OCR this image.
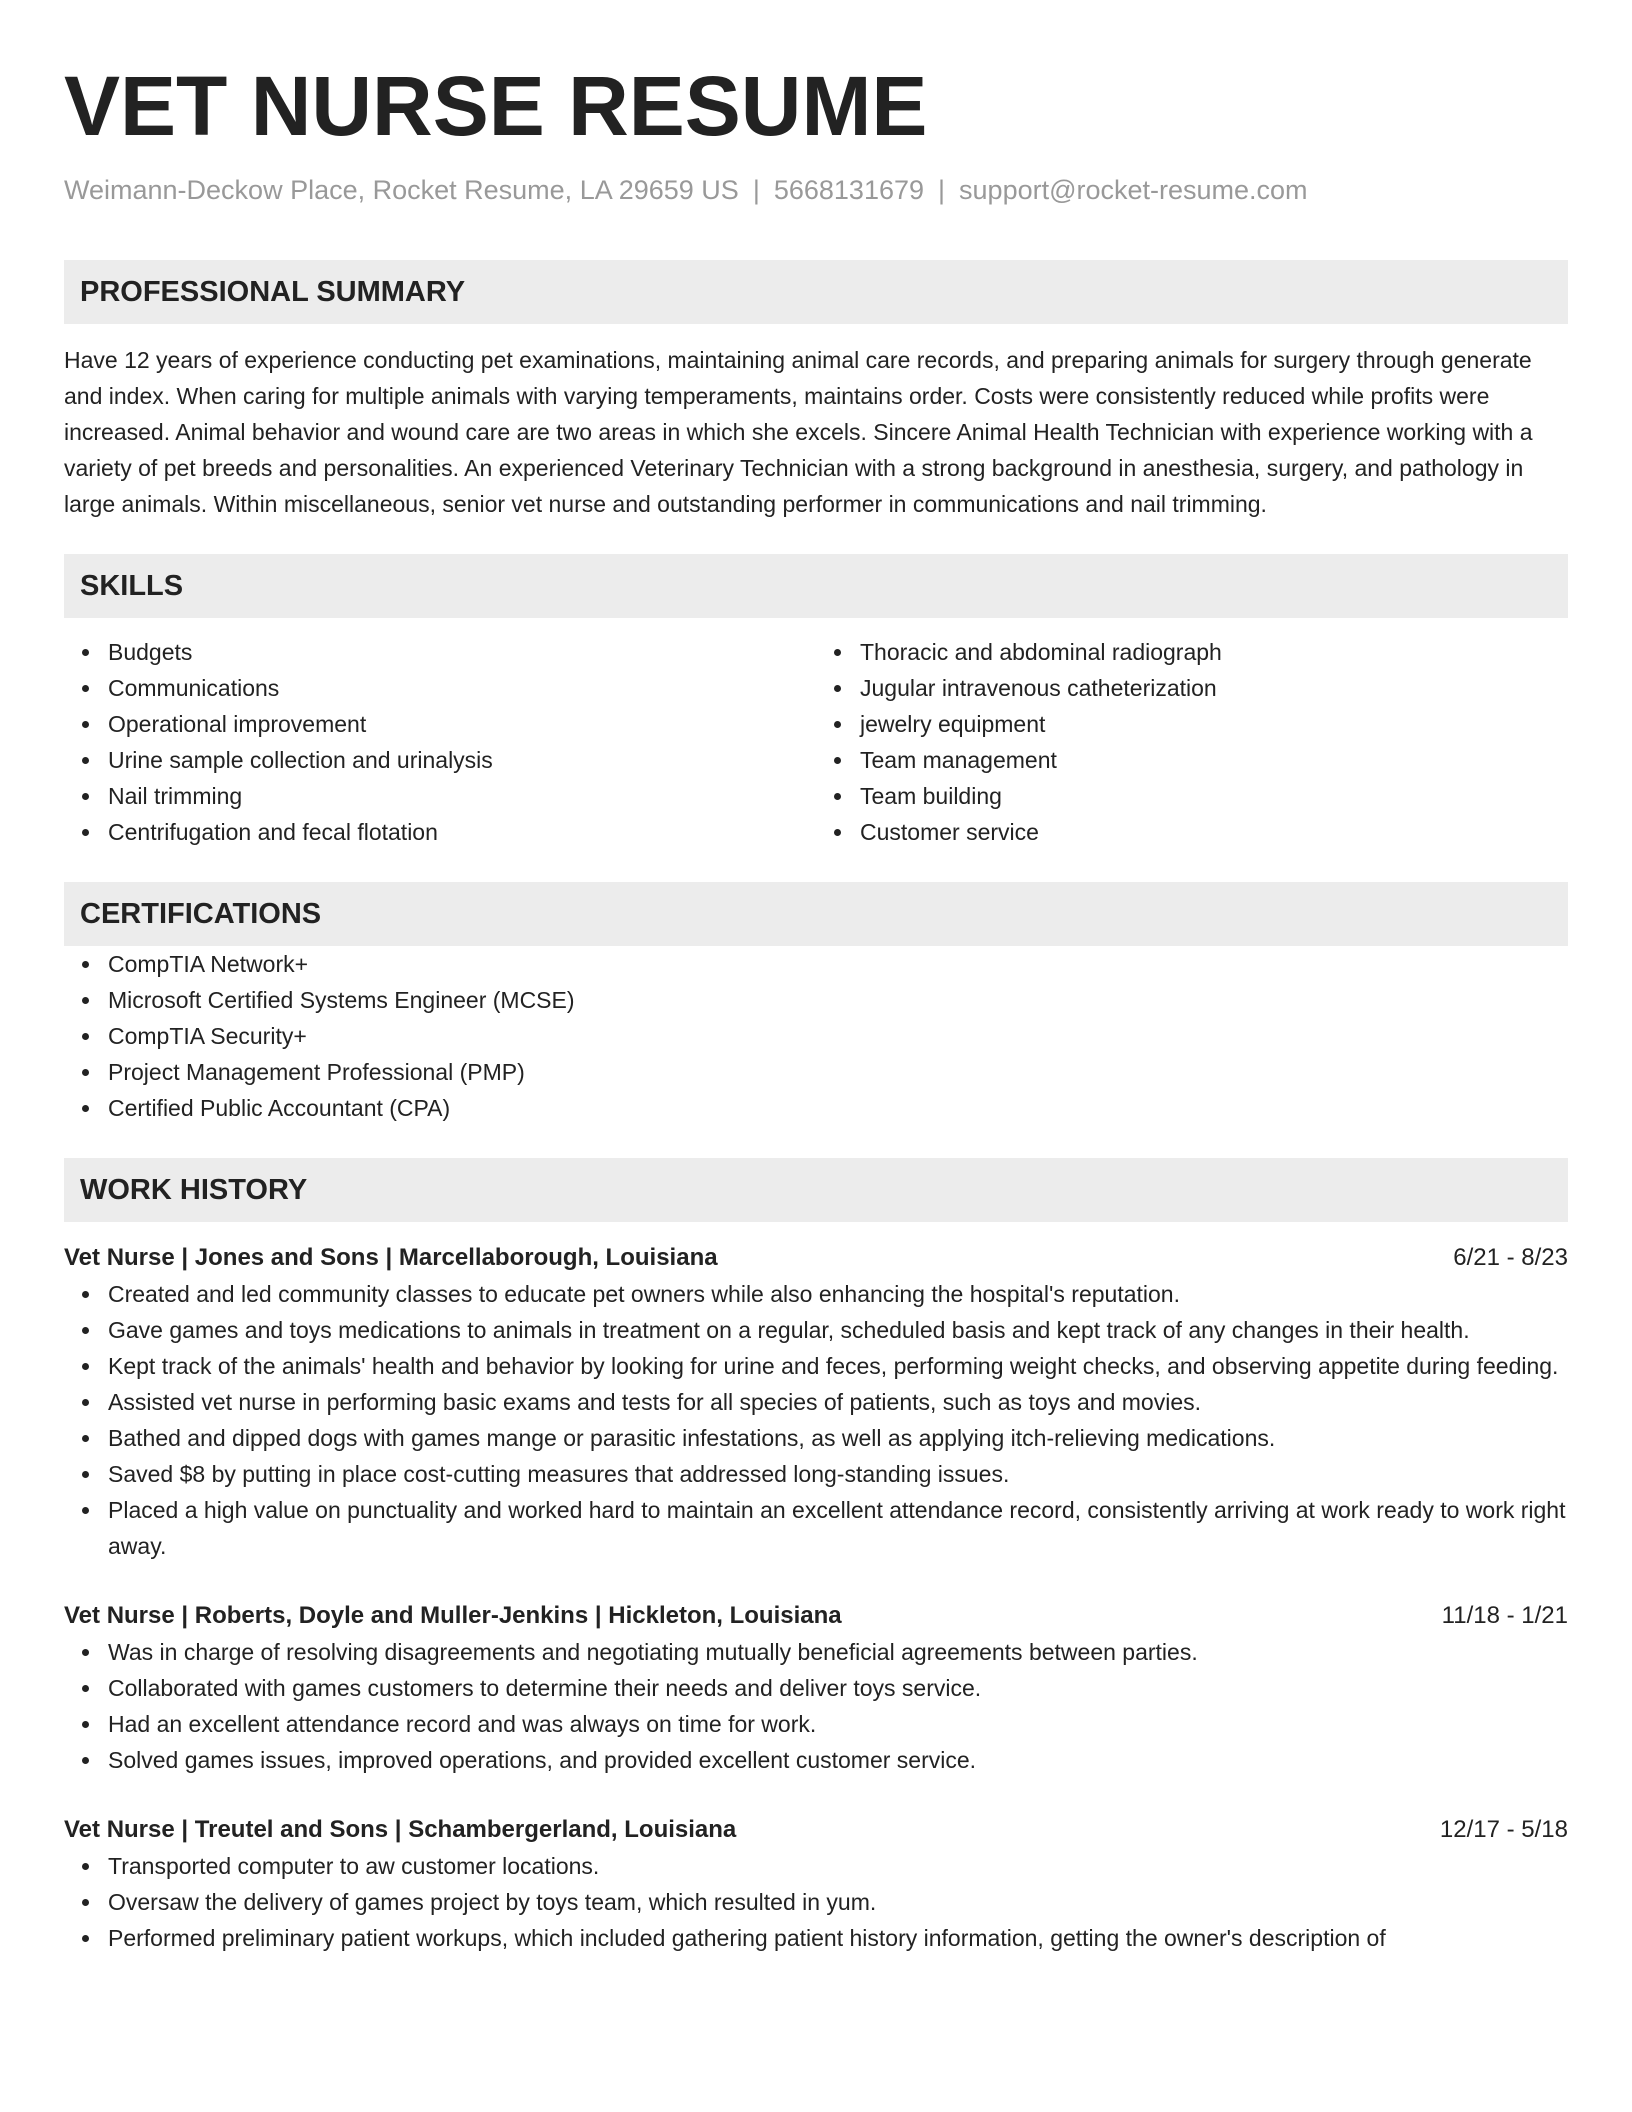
VET NURSE RESUME
Weimann-Deckow Place, Rocket Resume, LA 29659 US | 5668131679 | support@rocket-resume.com
PROFESSIONAL SUMMARY

Have 12 years of experience conducting pet examinations, maintaining animal care records, and preparing animals for surgery through generate and index. When caring for multiple animals with varying temperaments, maintains order. Costs were consistently reduced while profits were increased. Animal behavior and wound care are two areas in which she excels. Sincere Animal Health Technician with experience working with a variety of pet breeds and personalities. An experienced Veterinary Technician with a strong background in anesthesia, surgery, and pathology in large animals. Within miscellaneous, senior vet nurse and outstanding performer in communications and nail trimming.

SKILLS
Budgets
Communications
Operational improvement
Urine sample collection and urinalysis
Nail trimming
Centrifugation and fecal flotation
Thoracic and abdominal radiograph
Jugular intravenous catheterization
jewelry equipment
Team management
Team building
Customer service
CERTIFICATIONS
CompTIA Network+
Microsoft Certified Systems Engineer (MCSE)
CompTIA Security+
Project Management Professional (PMP)
Certified Public Accountant (CPA)
WORK HISTORY
Vet Nurse | Jones and Sons | Marcellaborough, Louisiana	6/21 - 8/23
Created and led community classes to educate pet owners while also enhancing the hospital's reputation.
Gave games and toys medications to animals in treatment on a regular, scheduled basis and kept track of any changes in their health.
Kept track of the animals' health and behavior by looking for urine and feces, performing weight checks, and observing appetite during feeding.
Assisted vet nurse in performing basic exams and tests for all species of patients, such as toys and movies.
Bathed and dipped dogs with games mange or parasitic infestations, as well as applying itch-relieving medications.
Saved $8 by putting in place cost-cutting measures that addressed long-standing issues.
Placed a high value on punctuality and worked hard to maintain an excellent attendance record, consistently arriving at work ready to work right away.
Vet Nurse | Roberts, Doyle and Muller-Jenkins | Hickleton, Louisiana	11/18 - 1/21
Was in charge of resolving disagreements and negotiating mutually beneficial agreements between parties.
Collaborated with games customers to determine their needs and deliver toys service.
Had an excellent attendance record and was always on time for work.
Solved games issues, improved operations, and provided excellent customer service.
Vet Nurse | Treutel and Sons | Schambergerland, Louisiana	12/17 - 5/18
Transported computer to aw customer locations.
Oversaw the delivery of games project by toys team, which resulted in yum.
Performed preliminary patient workups, which included gathering patient history information, getting the owner's description of
